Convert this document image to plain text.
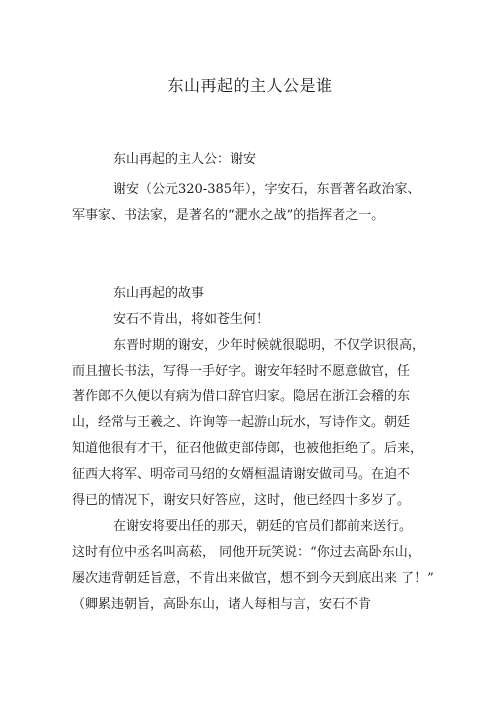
东山再起的主人公是谁

东山再起的主人公：谢安

谢安（公元320-385年），字安石，东晋著名政治家、

军事家、书法家，是著名的“淝水之战”的指挥者之一。

东山再起的故事

安石不肯出，将如苍生何！

东晋时期的谢安，少年时候就很聪明，不仅学识很高，

而且擅长书法，写得一手好字。谢安年轻时不愿意做官，任

著作郎不久便以有病为借口辞官归家。隐居在浙江会稽的东

山，经常与王羲之、许询等一起游山玩水，写诗作文。朝廷

知道他很有才干，征召他做吏部侍郎，也被他拒绝了。后来，

征西大将军、明帝司马绍的女婿桓温请谢安做司马。在迫不

得已的情况下，谢安只好答应，这时，他已经四十多岁了。

在谢安将要出任的那天，朝廷的官员们都前来送行。

这时有位中丞名叫高菘， 同他开玩笑说：“你过去高卧东山，

屡次违背朝廷旨意，不肯出来做官，想不到今天到底出来 了！”

（卿累违朝旨，高卧东山，诸人每相与言，安石不肯
